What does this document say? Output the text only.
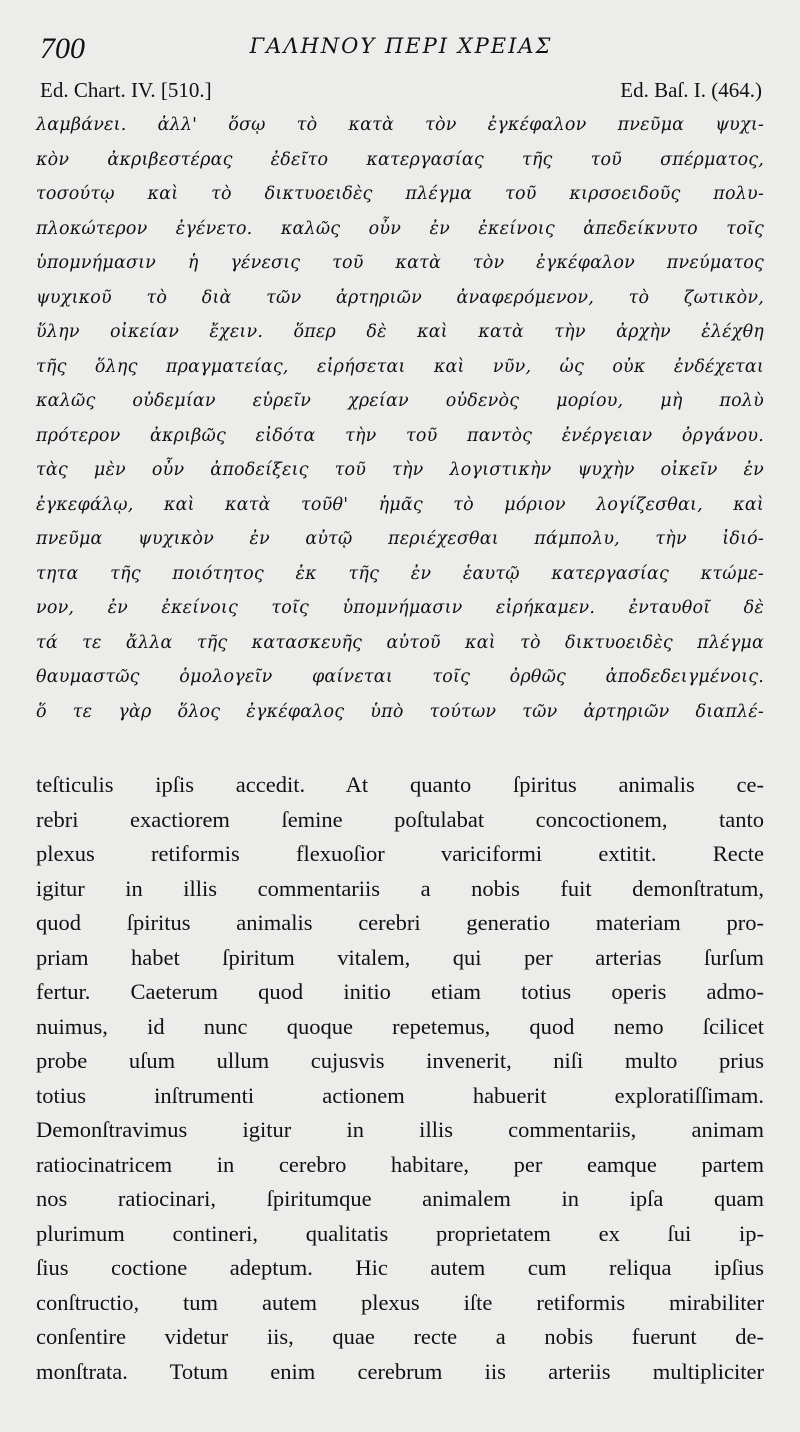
700	ΓΑΛΗΝΟΥ ΠΕΡΙ ΧΡΕΙΑΣ
Ed. Chart. IV. [510.]	Ed. Baſ. I. (464.)
λαμβάνει. ἀλλ' ὅσῳ τὸ κατὰ τὸν ἐγκέφαλον πνεῦμα ψυχι-
κὸν ἀκριβεστέρας ἐδεῖτο κατεργασίας τῆς τοῦ σπέρματος,
τοσούτῳ καὶ τὸ δικτυοειδὲς πλέγμα τοῦ κιρσοειδοῦς πολυ-
πλοκώτερον ἐγένετο. καλῶς οὖν ἐν ἐκείνοις ἀπεδείκνυτο τοῖς
ὑπομνήμασιν ἡ γένεσις τοῦ κατὰ τὸν ἐγκέφαλον πνεύματος
ψυχικοῦ τὸ διὰ τῶν ἀρτηριῶν ἀναφερόμενον, τὸ ζωτικὸν,
ὕλην οἰκείαν ἔχειν. ὅπερ δὲ καὶ κατὰ τὴν ἀρχὴν ἐλέχθη
τῆς ὅλης πραγματείας, εἰρήσεται καὶ νῦν, ὡς οὐκ ἐνδέχεται
καλῶς οὐδεμίαν εὑρεῖν χρείαν οὐδενὸς μορίου, μὴ πολὺ
πρότερον ἀκριβῶς εἰδότα τὴν τοῦ παντὸς ἐνέργειαν ὀργάνου.
τὰς μὲν οὖν ἀποδείξεις τοῦ τὴν λογιστικὴν ψυχὴν οἰκεῖν ἐν
ἐγκεφάλῳ, καὶ κατὰ τοῦθ' ἡμᾶς τὸ μόριον λογίζεσθαι, καὶ
πνεῦμα ψυχικὸν ἐν αὐτῷ περιέχεσθαι πάμπολυ, τὴν ἰδιό-
τητα τῆς ποιότητος ἐκ τῆς ἐν ἑαυτῷ κατεργασίας κτώμε-
νον, ἐν ἐκείνοις τοῖς ὑπομνήμασιν εἰρήκαμεν. ἐνταυθοῖ δὲ
τά τε ἄλλα τῆς κατασκευῆς αὐτοῦ καὶ τὸ δικτυοειδὲς πλέγμα
θαυμαστῶς ὁμολογεῖν φαίνεται τοῖς ὀρθῶς ἀποδεδειγμένοις.
ὅ τε γὰρ ὅλος ἐγκέφαλος ὑπὸ τούτων τῶν ἀρτηριῶν διαπλέ-
teſticulis ipſis accedit. At quanto ſpiritus animalis ce-
rebri exactiorem ſemine poſtulabat concoctionem, tanto
plexus retiformis flexuoſior variciformi extitit. Recte
igitur in illis commentariis a nobis fuit demonſtratum,
quod ſpiritus animalis cerebri generatio materiam pro-
priam habet ſpiritum vitalem, qui per arterias ſurſum
fertur. Caeterum quod initio etiam totius operis admo-
nuimus, id nunc quoque repetemus, quod nemo ſcilicet
probe uſum ullum cujusvis invenerit, niſi multo prius
totius inſtrumenti actionem habuerit exploratiſſimam.
Demonſtravimus igitur in illis commentariis, animam
ratiocinatricem in cerebro habitare, per eamque partem
nos ratiocinari, ſpiritumque animalem in ipſa quam
plurimum contineri, qualitatis proprietatem ex ſui ip-
ſius coctione adeptum. Hic autem cum reliqua ipſius
conſtructio, tum autem plexus iſte retiformis mirabiliter
conſentire videtur iis, quae recte a nobis fuerunt de-
monſtrata. Totum enim cerebrum iis arteriis multipliciter
